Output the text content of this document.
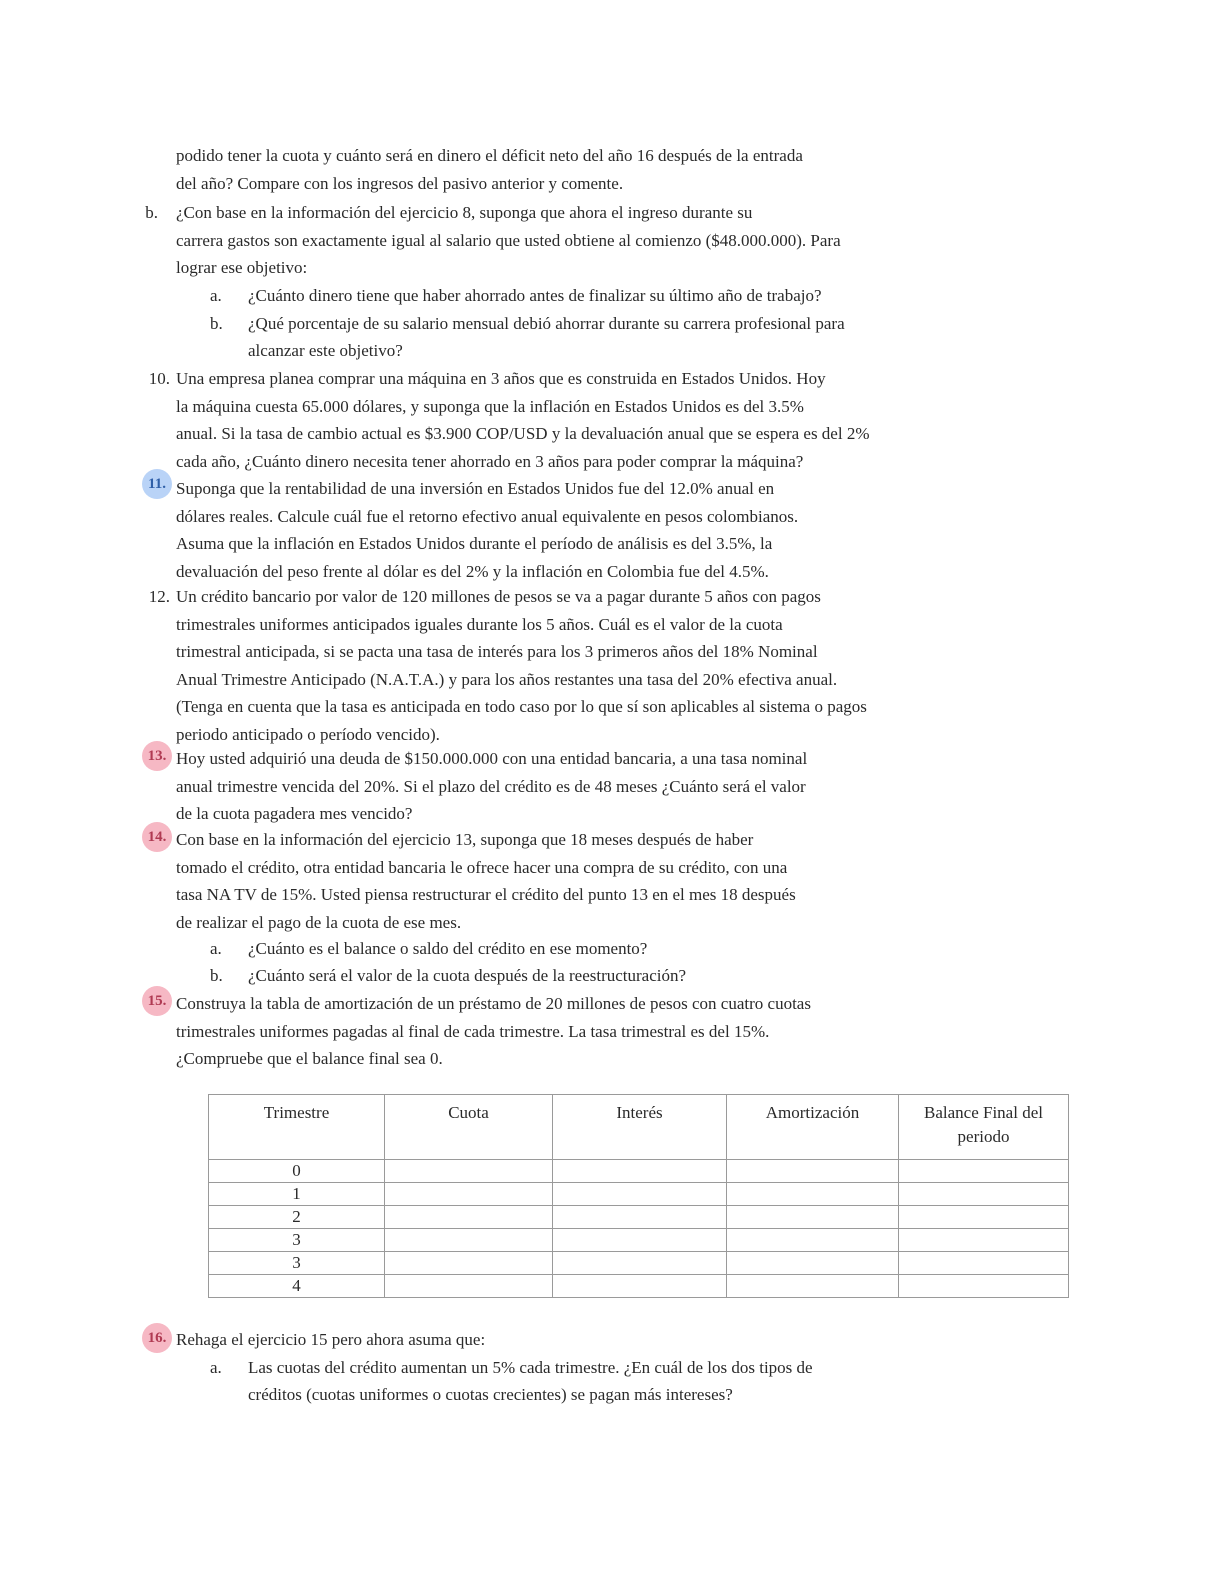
podido tener la cuota y cuánto será en dinero el déficit neto del año 16 después de la entrada
del año? Compare con los ingresos del pasivo anterior y comente.
b. ¿Con base en la información del ejercicio 8, suponga que ahora el ingreso durante su
carrera gastos son exactamente igual al salario que usted obtiene al comienzo ($48.000.000). Para
lograr ese objetivo:
a.	¿Cuánto dinero tiene que haber ahorrado antes de finalizar su último año de trabajo?
b.	¿Qué porcentaje de su salario mensual debió ahorrar durante su carrera profesional para
alcanzar este objetivo?
10. Una empresa planea comprar una máquina en 3 años que es construida en Estados Unidos. Hoy
la máquina cuesta 65.000 dólares, y suponga que la inflación en Estados Unidos es del 3.5%
anual. Si la tasa de cambio actual es $3.900 COP/USD y la devaluación anual que se espera es del 2%
cada año, ¿Cuánto dinero necesita tener ahorrado en 3 años para poder comprar la máquina?
11. Suponga que la rentabilidad de una inversión en Estados Unidos fue del 12.0% anual en
dólares reales. Calcule cuál fue el retorno efectivo anual equivalente en pesos colombianos.
Asuma que la inflación en Estados Unidos durante el período de análisis es del 3.5%, la
devaluación del peso frente al dólar es del 2% y la inflación en Colombia fue del 4.5%.
12. Un crédito bancario por valor de 120 millones de pesos se va a pagar durante 5 años con pagos
trimestrales uniformes anticipados iguales durante los 5 años. Cuál es el valor de la cuota
trimestral anticipada, si se pacta una tasa de interés para los 3 primeros años del 18% Nominal
Anual Trimestre Anticipado (N.A.T.A.) y para los años restantes una tasa del 20% efectiva anual.
(Tenga en cuenta que la tasa es anticipada en todo caso por lo que sí son aplicables al sistema o pagos
periodo anticipado o período vencido).
13. Hoy usted adquirió una deuda de $150.000.000 con una entidad bancaria, a una tasa nominal
anual trimestre vencida del 20%. Si el plazo del crédito es de 48 meses ¿Cuánto será el valor
de la cuota pagadera mes vencido?
14. Con base en la información del ejercicio 13, suponga que 18 meses después de haber
tomado el crédito, otra entidad bancaria le ofrece hacer una compra de su crédito, con una
tasa NA TV de 15%. Usted piensa restructurar el crédito del punto 13 en el mes 18 después
de realizar el pago de la cuota de ese mes.
a.	¿Cuánto es el balance o saldo del crédito en ese momento?
b.	¿Cuánto será el valor de la cuota después de la reestructuración?
15. Construya la tabla de amortización de un préstamo de 20 millones de pesos con cuatro cuotas
trimestrales uniformes pagadas al final de cada trimestre. La tasa trimestral es del 15%.
¿Compruebe que el balance final sea 0.
Trimestre	Cuota	Interés	Amortización	Balance Final del periodo
0				
1				
2				
3				
3				
4				
16. Rehaga el ejercicio 15 pero ahora asuma que:
a.	Las cuotas del crédito aumentan un 5% cada trimestre. ¿En cuál de los dos tipos de
créditos (cuotas uniformes o cuotas crecientes) se pagan más intereses?
